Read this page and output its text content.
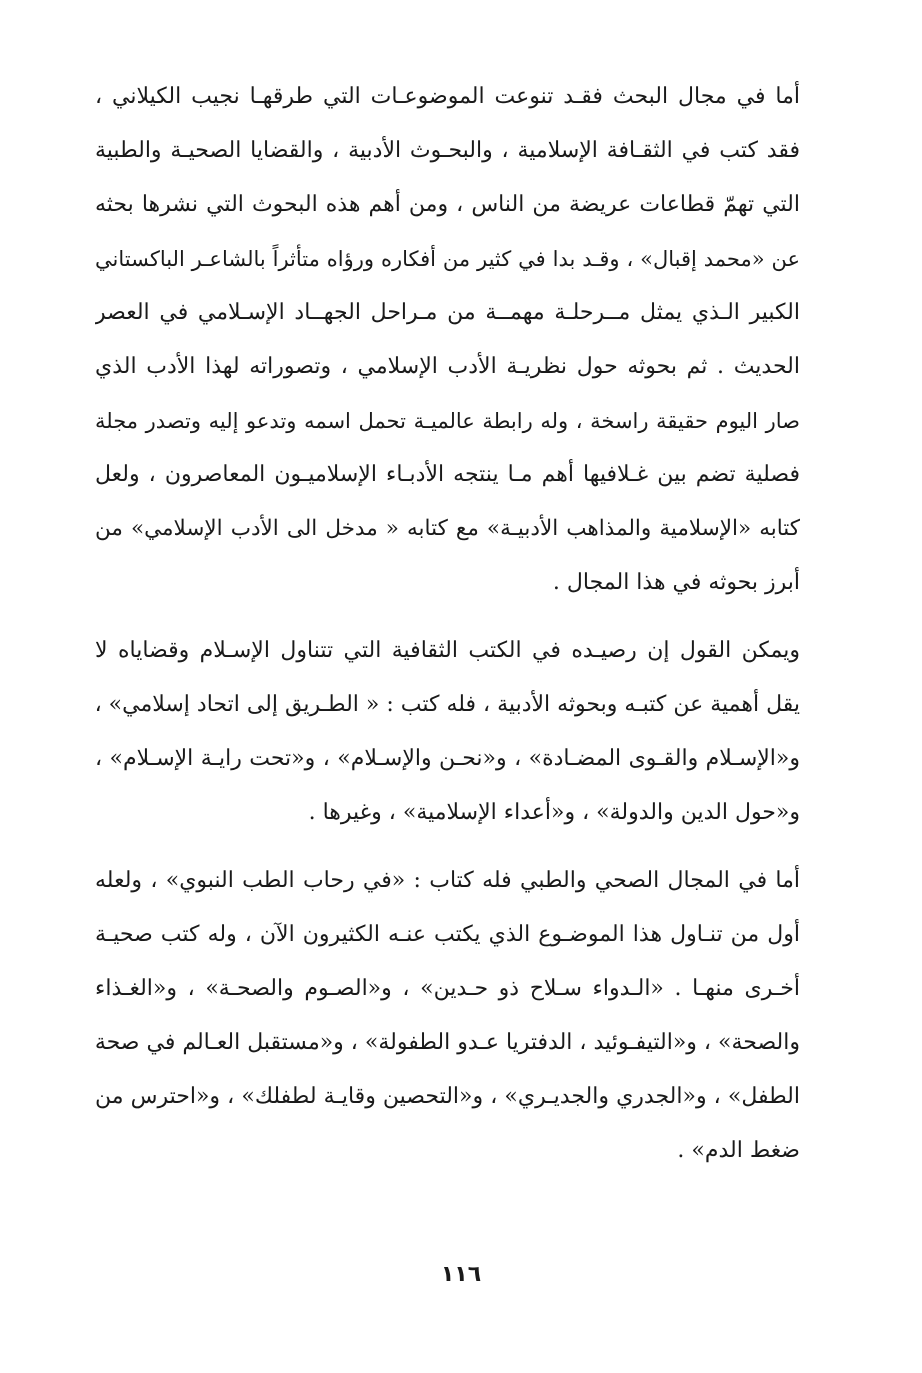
أما في مجال البحث فقـد تنوعت الموضوعـات التي طرقهـا نجيب الكيلاني ،
فقد كتب في الثقـافة الإسلامية ، والبحـوث الأدبية ، والقضايا الصحيـة والطبية
التي تهمّ قطاعات عريضة من الناس ، ومن أهم هذه البحوث التي نشرها بحثه
عن «محمد إقبال» ، وقـد بدا في كثير من أفكاره ورؤاه متأثراً بالشاعـر الباكستاني
الكبير الـذي يمثل مــرحلـة مهمــة من مـراحل الجهــاد الإسـلامي في العصر
الحديث . ثم بحوثه حول نظريـة الأدب الإسلامي ، وتصوراته لهذا الأدب الذي
صار اليوم حقيقة راسخة ، وله رابطة عالميـة تحمل اسمه وتدعو إليه وتصدر مجلة
فصلية تضم بين غـلافيها أهم مـا ينتجه الأدبـاء الإسلاميـون المعاصرون ، ولعل
كتابه «الإسلامية والمذاهب الأدبيـة» مع كتابه « مدخل الى الأدب الإسلامي» من
أبرز بحوثه في هذا المجال .
ويمكن القول إن رصيـده في الكتب الثقافية التي تتناول الإسـلام وقضاياه لا
يقل أهمية عن كتبـه وبحوثه الأدبية ، فله كتب : « الطـريق إلى اتحاد إسلامي» ،
و«الإسـلام والقـوى المضـادة» ، و«نحـن والإسـلام» ، و«تحت رايـة الإسـلام» ،
و«حول الدين والدولة» ، و«أعداء الإسلامية» ، وغيرها .
أما في المجال الصحي والطبي فله كتاب : «في رحاب الطب النبوي» ، ولعله
أول من تنـاول هذا الموضـوع الذي يكتب عنـه الكثيرون الآن ، وله كتب صحيـة
أخـرى منهـا . «الـدواء سـلاح ذو حـدين» ، و«الصـوم والصحـة» ، و«الغـذاء
والصحة» ، و«التيفـوئيد ، الدفتريا عـدو الطفولة» ، و«مستقبل العـالم في صحة
الطفل» ، و«الجدري والجديـري» ، و«التحصين وقايـة لطفلك» ، و«احترس من
ضغط الدم» .
١١٦
